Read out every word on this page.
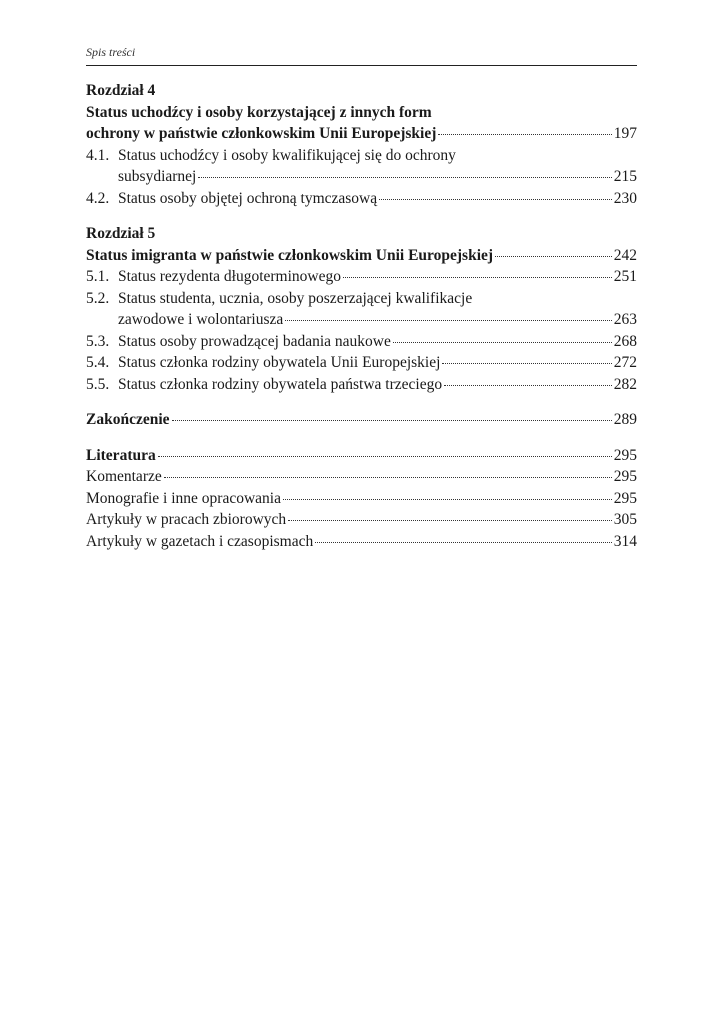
Spis treści
Rozdział 4
Status uchodźcy i osoby korzystającej z innych form
ochrony w państwie członkowskim Unii Europejskiej	197
4.1. Status uchodźcy i osoby kwalifikującej się do ochrony
subsydiarnej	215
4.2. Status osoby objętej ochroną tymczasową	230
Rozdział 5
Status imigranta w państwie członkowskim Unii Europejskiej	242
5.1. Status rezydenta długoterminowego	251
5.2. Status studenta, ucznia, osoby poszerzającej kwalifikacje
zawodowe i wolontariusza	263
5.3. Status osoby prowadzącej badania naukowe	268
5.4. Status członka rodziny obywatela Unii Europejskiej	272
5.5. Status członka rodziny obywatela państwa trzeciego	282
Zakończenie	289
Literatura	295
Komentarze	295
Monografie i inne opracowania	295
Artykuły w pracach zbiorowych	305
Artykuły w gazetach i czasopismach	314
